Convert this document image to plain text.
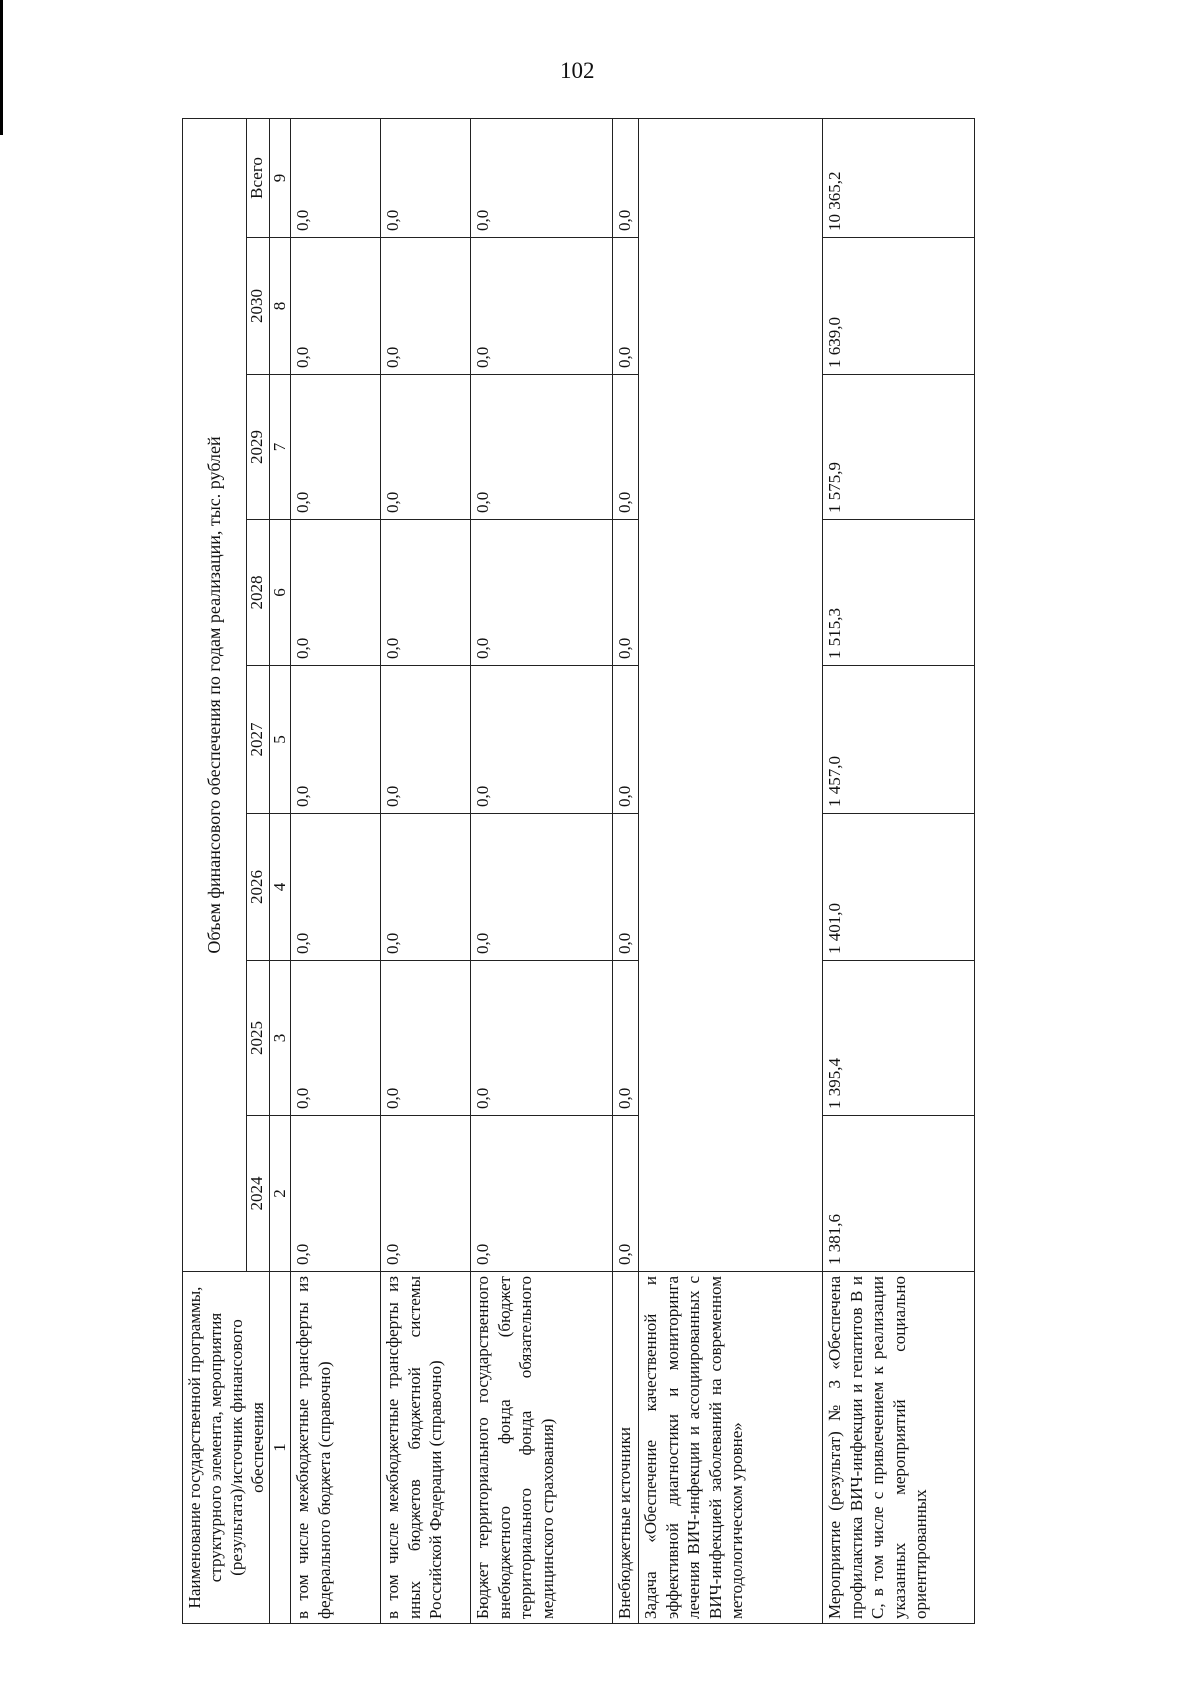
102
Наименование государственной программы, структурного элемента, мероприятия (результата)/источник финансового обеспечения	Объем финансового обеспечения по годам реализации, тыс. рублей							
	2024	2025	2026	2027	2028	2029	2030	Всего
1	2	3	4	5	6	7	8	9
в том числе межбюджетные трансферты из федерального бюджета (справочно)	0,0	0,0	0,0	0,0	0,0	0,0	0,0	0,0
в том числе межбюджетные трансферты из иных бюджетов бюджетной системы Российской Федерации (справочно)	0,0	0,0	0,0	0,0	0,0	0,0	0,0	0,0
Бюджет территориального государственного внебюджетного фонда (бюджет территориального фонда обязательного медицинского страхования)	0,0	0,0	0,0	0,0	0,0	0,0	0,0	0,0
Внебюджетные источники	0,0	0,0	0,0	0,0	0,0	0,0	0,0	0,0
Задача «Обеспечение качественной и эффективной диагностики и мониторинга лечения ВИЧ-инфекции и ассоциированных с ВИЧ-инфекцией заболеваний на современном методологическом уровне»								
Мероприятие (результат) № 3 «Обеспечена профилактика ВИЧ-инфекции и гепатитов В и С, в том числе с привлечением к реализации указанных мероприятий социально ориентированных	1 381,6	1 395,4	1 401,0	1 457,0	1 515,3	1 575,9	1 639,0	10 365,2
